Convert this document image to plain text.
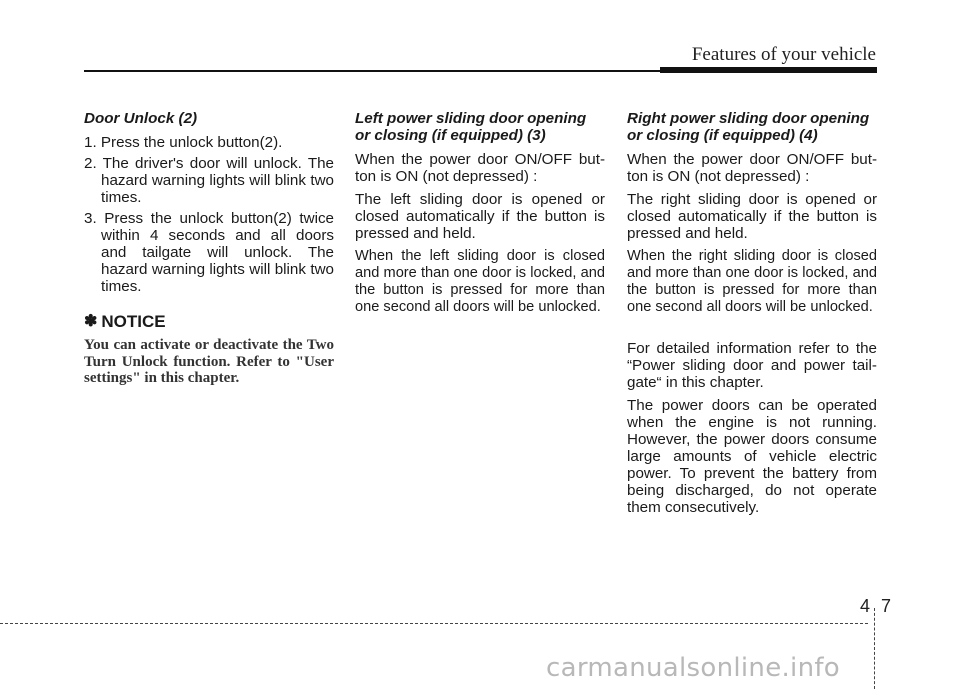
Features of your vehicle
Door Unlock (2)
1. Press the unlock button(2).
2. The driver's door will unlock. The hazard warning lights will blink two times.
3. Press the unlock button(2) twice within 4 seconds and all doors and tailgate will unlock. The hazard warning lights will blink two times.
✽ NOTICE
You can activate or deactivate the Two Turn Unlock function. Refer to "User settings" in this chapter.
Left power sliding door opening
or closing (if equipped) (3)

When the power door ON/OFF but-ton is ON (not depressed) :

The left sliding door is opened or closed automatically if the button is pressed and held.

When the left sliding door is closed and more than one door is locked, and the button is pressed for more than one second all doors will be unlocked.

Right power sliding door opening
or closing (if equipped) (4)

When the power door ON/OFF but-ton is ON (not depressed) :

The right sliding door is opened or closed automatically if the button is pressed and held.

When the right sliding door is closed and more than one door is locked, and the button is pressed for more than one second all doors will be unlocked.

For detailed information refer to the “Power sliding door and power tail-gate“ in this chapter.

The power doors can be operated when the engine is not running. However, the power doors consume large amounts of vehicle electric power. To prevent the battery from being discharged, do not operate them consecutively.

4 7
carmanualsonline.info
